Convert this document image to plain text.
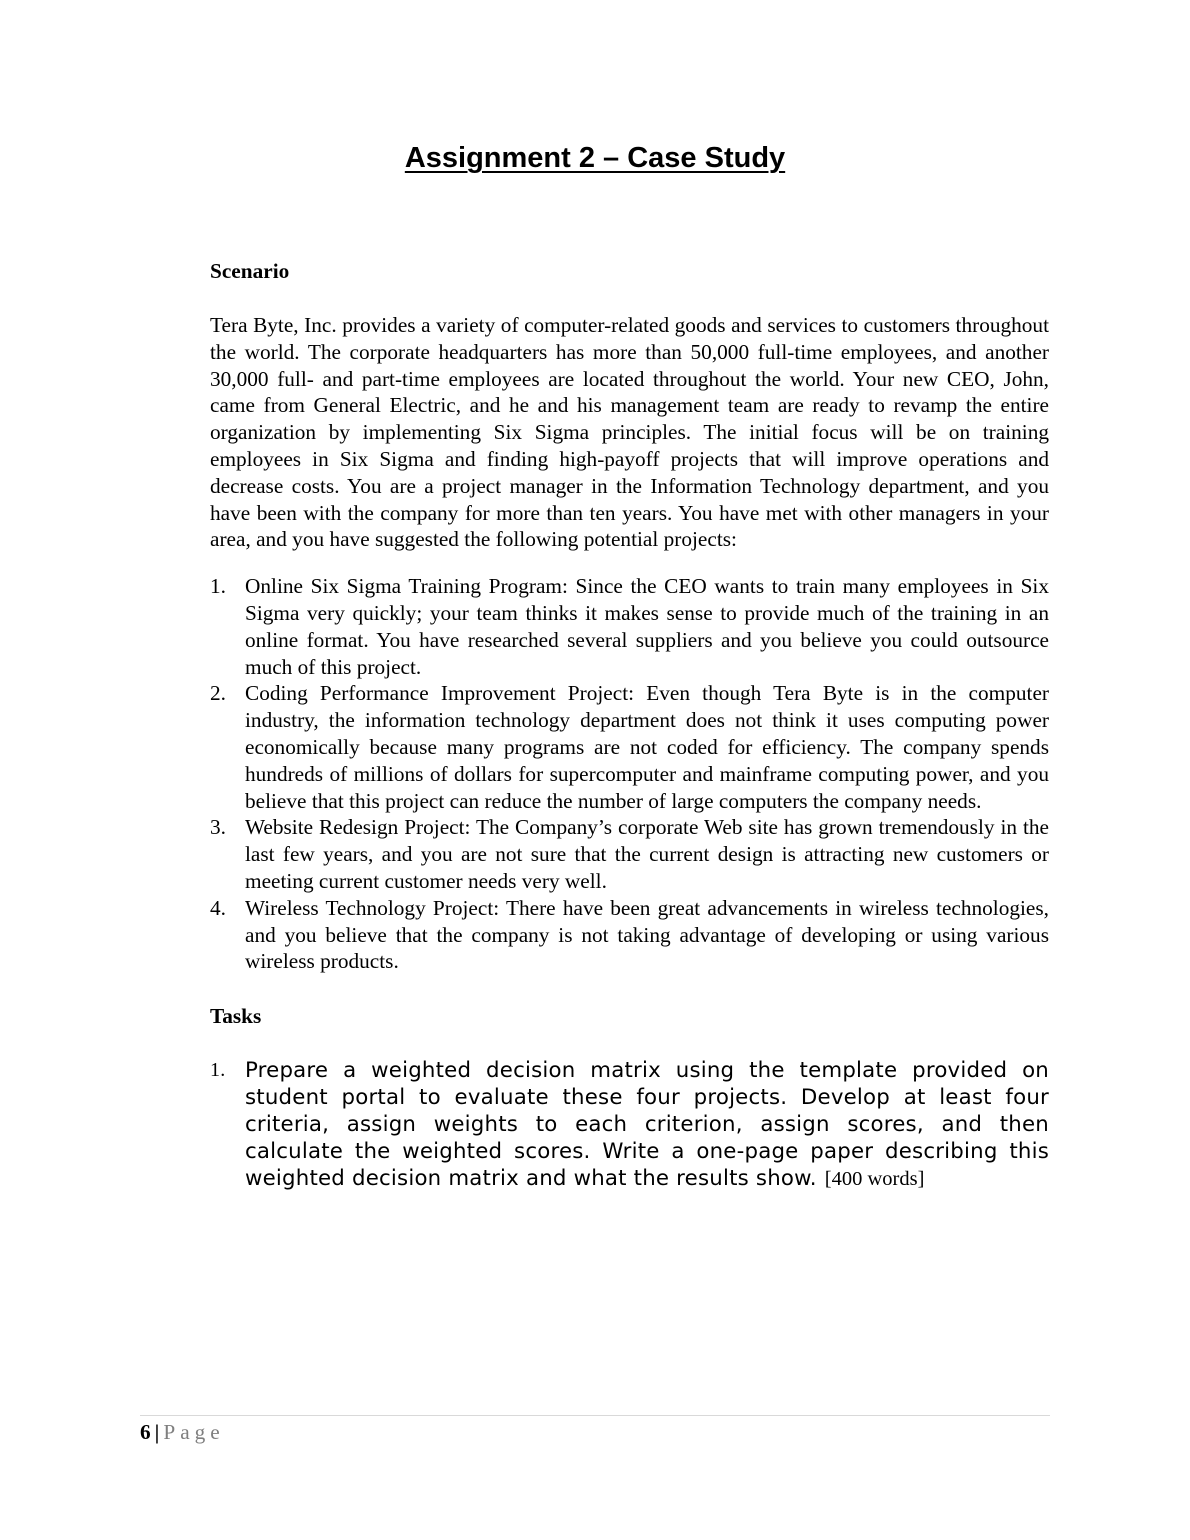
Assignment 2 – Case Study

Scenario

Tera Byte, Inc. provides a variety of computer-related goods and services to customers throughout the world. The corporate headquarters has more than 50,000 full-time employees, and another 30,000 full- and part-time employees are located throughout the world. Your new CEO, John, came from General Electric, and he and his management team are ready to revamp the entire organization by implementing Six Sigma principles. The initial focus will be on training employees in Six Sigma and finding high-payoff projects that will improve operations and decrease costs. You are a project manager in the Information Technology department, and you have been with the company for more than ten years. You have met with other managers in your area, and you have suggested the following potential projects:

1. Online Six Sigma Training Program: Since the CEO wants to train many employees in Six Sigma very quickly; your team thinks it makes sense to provide much of the training in an online format. You have researched several suppliers and you believe you could outsource much of this project.
2. Coding Performance Improvement Project: Even though Tera Byte is in the computer industry, the information technology department does not think it uses computing power economically because many programs are not coded for efficiency. The company spends hundreds of millions of dollars for supercomputer and mainframe computing power, and you believe that this project can reduce the number of large computers the company needs.
3. Website Redesign Project: The Company’s corporate Web site has grown tremendously in the last few years, and you are not sure that the current design is attracting new customers or meeting current customer needs very well.
4. Wireless Technology Project: There have been great advancements in wireless technologies, and you believe that the company is not taking advantage of developing or using various wireless products.

Tasks

1. Prepare a weighted decision matrix using the template provided on student portal to evaluate these four projects. Develop at least four criteria, assign weights to each criterion, assign scores, and then calculate the weighted scores. Write a one-page paper describing this weighted decision matrix and what the results show. [400 words]
6 | Page
